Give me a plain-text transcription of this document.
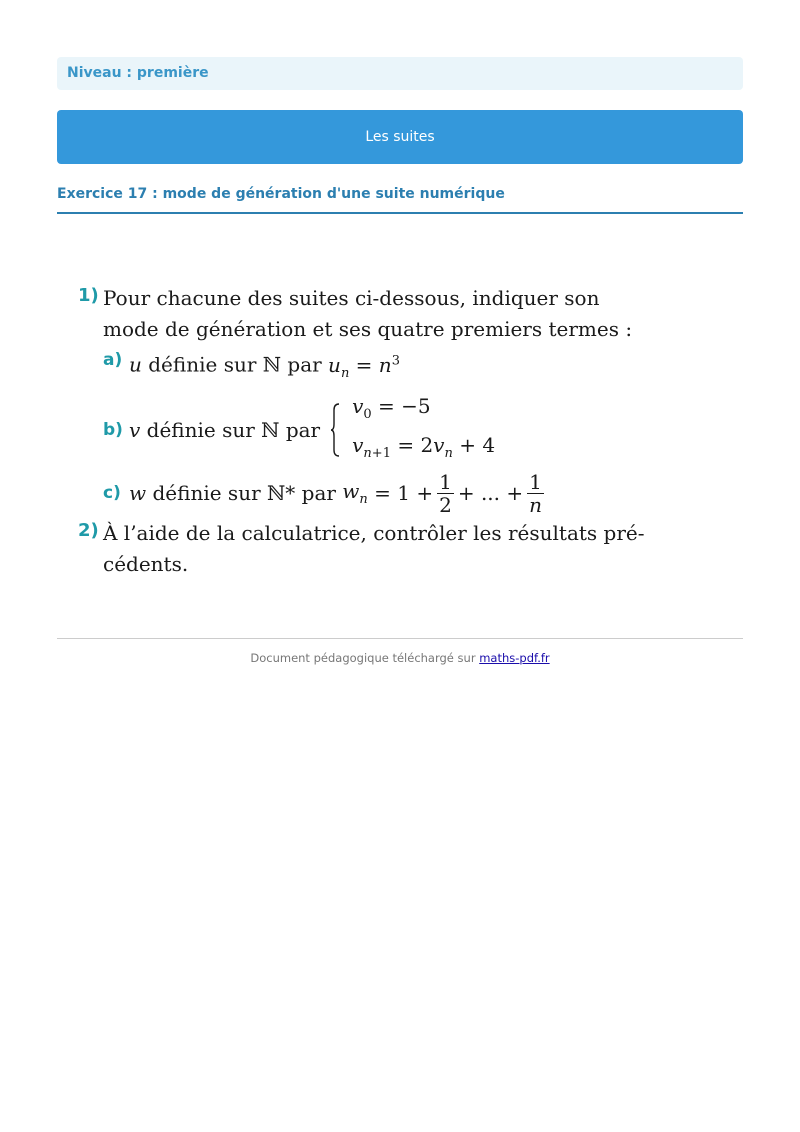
Niveau : première
Les suites
Exercice 17 : mode de génération d'une suite numérique
1) Pour chacune des suites ci-dessous, indiquer son
mode de génération et ses quatre premiers termes :
a) u définie sur ℕ par $u_n = n^3$
b) v
définie sur ℕ par
$v_0 = -5$
$v_{n+1} = 2v_n + 4$
c) w
définie sur ℕ* par
$w_n = 1 + \frac{1}{2}$ + ... + $\frac{1}{n}$
2) À l’aide de la calculatrice, contrôler les résultats pré-
cédents.
Document pédagogique téléchargé sur maths-pdf.fr
